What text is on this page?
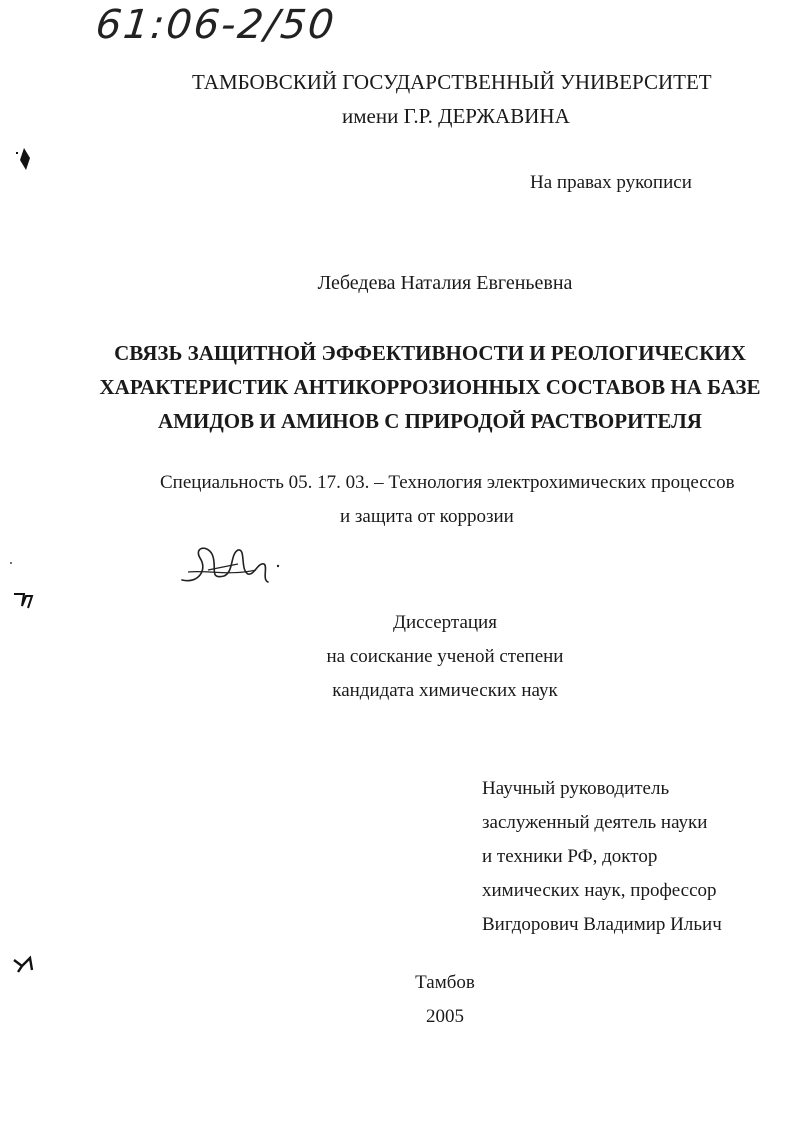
61:06-2/50
ТАМБОВСКИЙ ГОСУДАРСТВЕННЫЙ УНИВЕРСИТЕТ
имени Г.Р. ДЕРЖАВИНА
На правах рукописи
Лебедева Наталия Евгеньевна
СВЯЗЬ ЗАЩИТНОЙ ЭФФЕКТИВНОСТИ И РЕОЛОГИЧЕСКИХ
ХАРАКТЕРИСТИК АНТИКОРРОЗИОННЫХ СОСТАВОВ НА БАЗЕ
АМИДОВ И АМИНОВ С ПРИРОДОЙ РАСТВОРИТЕЛЯ
Специальность 05. 17. 03. – Технология электрохимических процессов
и защита от коррозии
Диссертация
на соискание ученой степени
кандидата химических наук
Научный руководитель
заслуженный деятель науки
и техники РФ, доктор
химических наук, профессор
Вигдорович Владимир Ильич
Тамбов
2005
